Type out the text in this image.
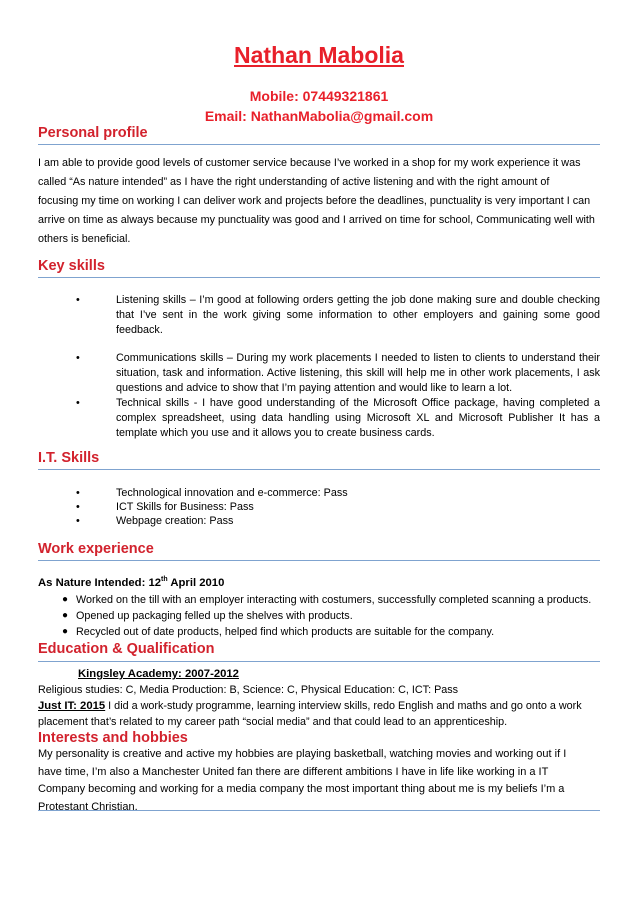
Nathan Mabolia
Mobile: 07449321861
Email: NathanMabolia@gmail.com
Personal profile
I am able to provide good levels of customer service because I’ve worked in a shop for my work experience it was
called “As nature intended” as I have the right understanding of active listening and with the right amount of
focusing my time on working I can deliver work and projects before the deadlines, punctuality is very important I can
arrive on time as always because my punctuality was good and I arrived on time for school, Communicating well with
others is beneficial.
Key skills
•	Listening skills – I’m good at following orders getting the job done making sure and double checking that I’ve sent in the work giving some information to other employers and gaining some good feedback.
•	Communications skills – During my work placements I needed to listen to clients to understand their situation, task and information. Active listening, this skill will help me in other work placements, I ask questions and advice to show that I’m paying attention and would like to learn a lot.
•	Technical skills - I have good understanding of the Microsoft Office package, having completed a complex spreadsheet, using data handling using Microsoft XL and Microsoft Publisher It has a template which you use and it allows you to create business cards.
I.T. Skills
•	Technological innovation and e-commerce: Pass
•	ICT Skills for Business: Pass
•	Webpage creation: Pass
Work experience
As Nature Intended: 12th April 2010
● Worked on the till with an employer interacting with costumers, successfully completed scanning a products.
● Opened up packaging felled up the shelves with products.
● Recycled out of date products, helped find which products are suitable for the company.
Education & Qualification
Kingsley Academy: 2007-2012
Religious studies: C, Media Production: B, Science: C, Physical Education: C, ICT: Pass
Just IT: 2015 I did a work-study programme, learning interview skills, redo English and maths and go onto a work
placement that’s related to my career path “social media” and that could lead to an apprenticeship.
Interests and hobbies
My personality is creative and active my hobbies are playing basketball, watching movies and working out if I
have time, I’m also a Manchester United fan there are different ambitions I have in life like working in a IT
Company becoming and working for a media company the most important thing about me is my beliefs I’m a
Protestant Christian.
